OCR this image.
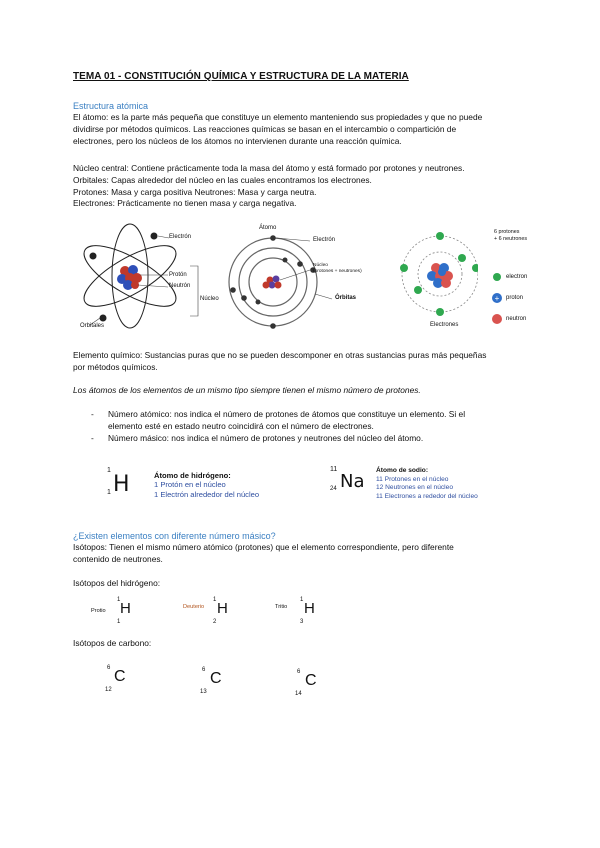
TEMA 01 - CONSTITUCIÓN QUÍMICA Y ESTRUCTURA DE LA MATERIA
Estructura atómica
El átomo: es la parte más pequeña que constituye un elemento manteniendo sus propiedades y que no puede
dividirse por métodos químicos. Las reacciones químicas se basan en el intercambio o compartición de
electrones, pero los núcleos de los átomos no intervienen durante una reacción química.
Núcleo central: Contiene prácticamente toda la masa del átomo y está formado por protones y neutrones.
Orbitales: Capas alrededor del núcleo en las cuales encontramos los electrones.
Protones: Masa y carga positiva Neutrones: Masa y carga neutra.
Electrones: Prácticamente no tienen masa y carga negativa.
Electrón
Protón
Núcleo
Neutrón
Orbitales
Átomo
Electrón
Núcleo
(protones + neutrones)
Órbitas	+
6 protones
+ 6 neutrones
electron
proton
neutron
Electrones
Elemento químico: Sustancias puras que no se pueden descomponer en otras sustancias puras más pequeñas
por métodos químicos.
Los átomos de los elementos de un mismo tipo siempre tienen el mismo número de protones.
- Número atómico: nos indica el número de protones de átomos que constituye un elemento. Si el
elemento esté en estado neutro coincidirá con el número de electrones.
- Número másico: nos indica el número de protones y neutrones del núcleo del átomo.
1
H
1
Átomo de hidrógeno:
1 Protón en el núcleo
1 Electrón alrededor del núcleo
11
Na
24
Átomo de sodio:
11 Protones en el núcleo
12 Neutrones en el núcleo
11 Electrones a rededor del núcleo
¿Existen elementos con diferente número másico?
Isótopos: Tienen el mismo número atómico (protones) que el elemento correspondiente, pero diferente
contenido de neutrones.
Isótopos del hidrógeno:
Protio
1 H
1
Deuterio
1 H
2
Tritio
1 H
3
Isótopos de carbono:
6 C
12
6 C
13
6 C
14
